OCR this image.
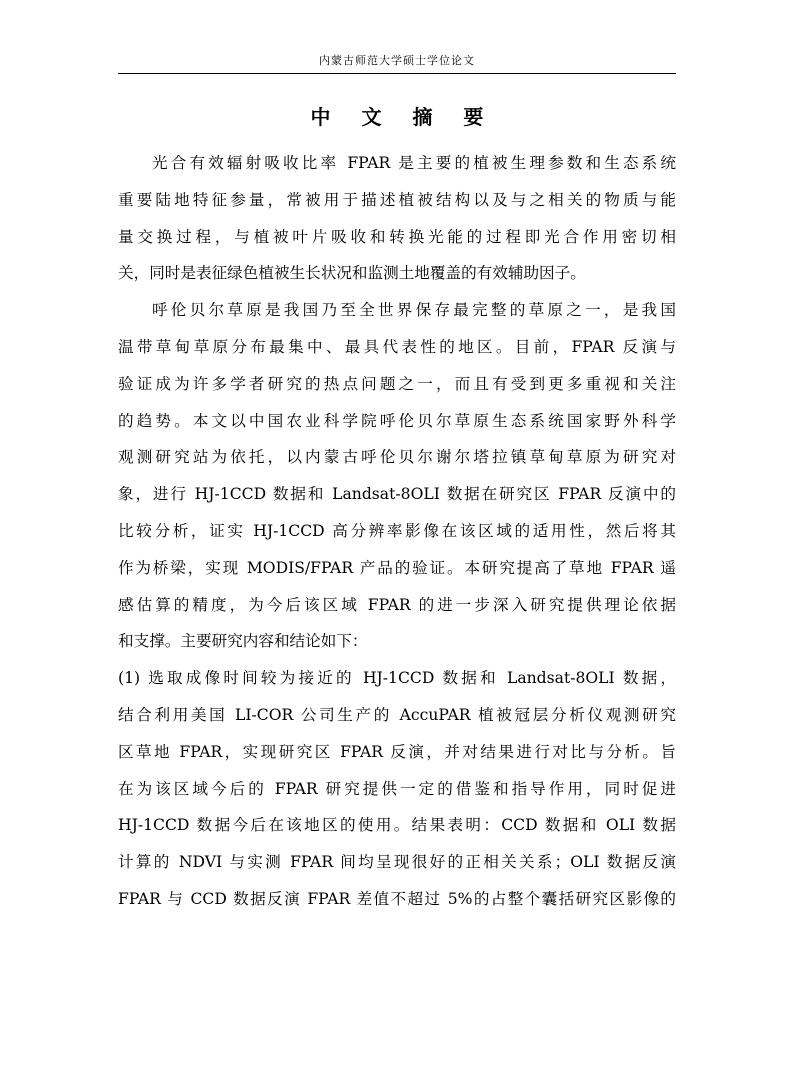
内蒙古师范大学硕士学位论文
中 文 摘 要
光合有效辐射吸收比率 FPAR 是主要的植被生理参数和生态系统
重要陆地特征参量，常被用于描述植被结构以及与之相关的物质与能
量交换过程，与植被叶片吸收和转换光能的过程即光合作用密切相
关，同时是表征绿色植被生长状况和监测土地覆盖的有效辅助因子。
呼伦贝尔草原是我国乃至全世界保存最完整的草原之一，是我国
温带草甸草原分布最集中、最具代表性的地区。目前，FPAR 反演与
验证成为许多学者研究的热点问题之一，而且有受到更多重视和关注
的趋势。本文以中国农业科学院呼伦贝尔草原生态系统国家野外科学
观测研究站为依托，以内蒙古呼伦贝尔谢尔塔拉镇草甸草原为研究对
象，进行 HJ-1CCD 数据和 Landsat-8OLI 数据在研究区 FPAR 反演中的
比较分析，证实 HJ-1CCD 高分辨率影像在该区域的适用性，然后将其
作为桥梁，实现 MODIS/FPAR 产品的验证。本研究提高了草地 FPAR 遥
感估算的精度，为今后该区域 FPAR 的进一步深入研究提供理论依据
和支撑。主要研究内容和结论如下：
(1) 选取成像时间较为接近的 HJ-1CCD 数据和 Landsat-8OLI 数据，
结合利用美国 LI-COR 公司生产的 AccuPAR 植被冠层分析仪观测研究
区草地 FPAR，实现研究区 FPAR 反演，并对结果进行对比与分析。旨
在为该区域今后的 FPAR 研究提供一定的借鉴和指导作用，同时促进
HJ-1CCD 数据今后在该地区的使用。结果表明：CCD 数据和 OLI 数据
计算的 NDVI 与实测 FPAR 间均呈现很好的正相关关系；OLI 数据反演
FPAR 与 CCD 数据反演 FPAR 差值不超过 5%的占整个囊括研究区影像的
